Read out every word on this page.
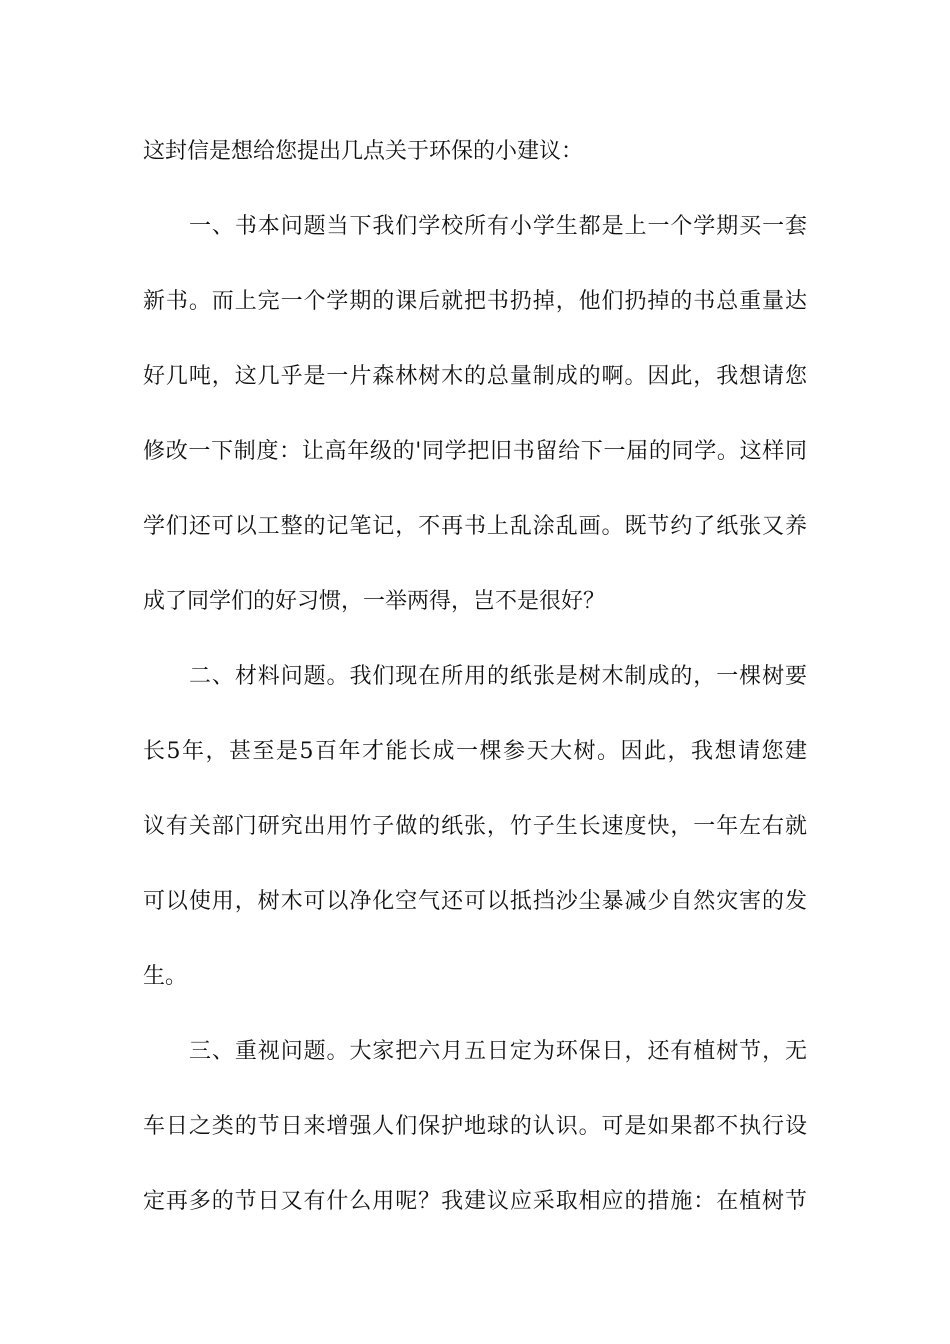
这封信是想给您提出几点关于环保的小建议：
一、书本问题当下我们学校所有小学生都是上一个学期买一套
新书。而上完一个学期的课后就把书扔掉，他们扔掉的书总重量达
好几吨，这几乎是一片森林树木的总量制成的啊。因此，我想请您
修改一下制度：让高年级的'同学把旧书留给下一届的同学。这样同
学们还可以工整的记笔记，不再书上乱涂乱画。既节约了纸张又养
成了同学们的好习惯，一举两得，岂不是很好？
二、材料问题。我们现在所用的纸张是树木制成的，一棵树要
长5年，甚至是5百年才能长成一棵参天大树。因此，我想请您建
议有关部门研究出用竹子做的纸张，竹子生长速度快，一年左右就
可以使用，树木可以净化空气还可以抵挡沙尘暴减少自然灾害的发
生。
三、重视问题。大家把六月五日定为环保日，还有植树节，无
车日之类的节日来增强人们保护地球的认识。可是如果都不执行设
定再多的节日又有什么用呢？我建议应采取相应的措施：在植树节
